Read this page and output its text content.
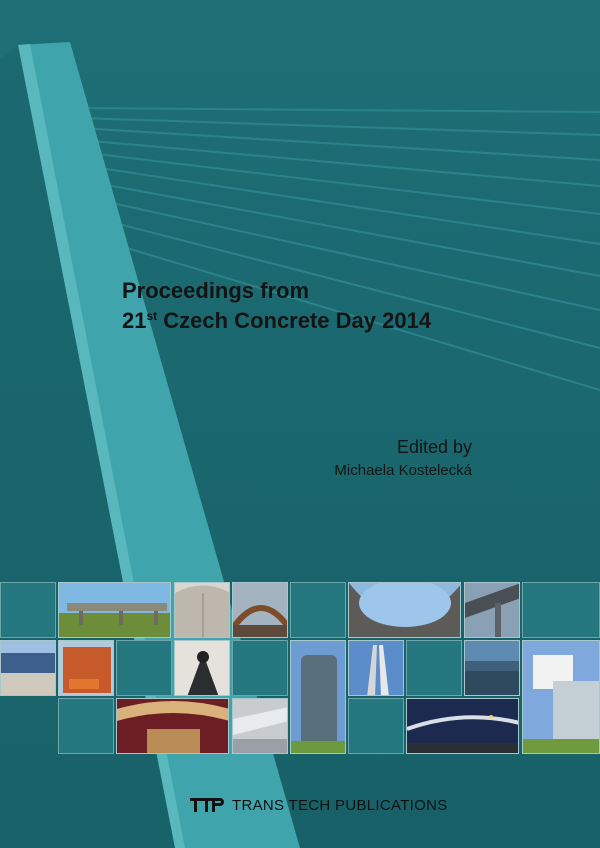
Proceedings from
21st Czech Concrete Day 2014
Edited by
Michaela Kostelecká
TRANS TECH PUBLICATIONS
